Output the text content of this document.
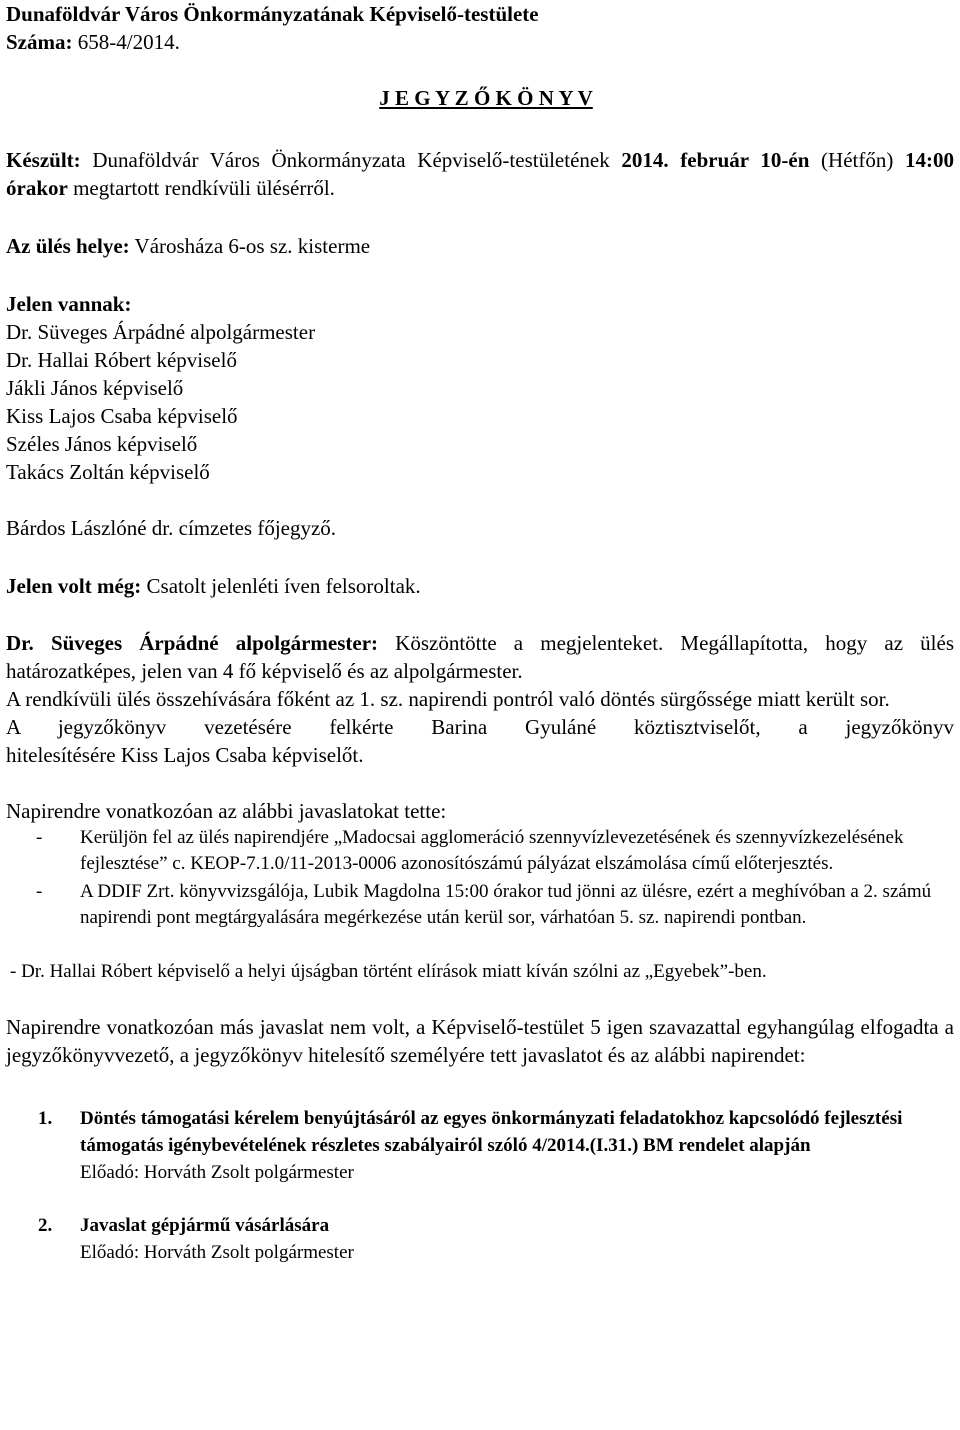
Dunaföldvár Város Önkormányzatának Képviselő-testülete

Száma: 658-4/2014.

J E G Y Z Ő K Ö N Y V

Készült: Dunaföldvár Város Önkormányzata Képviselő-testületének 2014. február 10-én (Hétfőn) 14:00 órakor megtartott rendkívüli ülésérről.

Az ülés helye: Városháza 6-os sz. kisterme

Jelen vannak:

Dr. Süveges Árpádné alpolgármester

Dr. Hallai Róbert képviselő

Jákli János képviselő

Kiss Lajos Csaba képviselő

Széles János képviselő

Takács Zoltán képviselő

Bárdos Lászlóné dr. címzetes főjegyző.

Jelen volt még: Csatolt jelenléti íven felsoroltak.

Dr. Süveges Árpádné alpolgármester: Köszöntötte a megjelenteket. Megállapította, hogy az ülés határozatképes, jelen van 4 fő képviselő és az alpolgármester.

A rendkívüli ülés összehívására főként az 1. sz. napirendi pontról való döntés sürgőssége miatt került sor.

A jegyzőkönyv vezetésére felkérte Barina Gyuláné köztisztviselőt, a jegyzőkönyv

hitelesítésére Kiss Lajos Csaba képviselőt.

Napirendre vonatkozóan az alábbi javaslatokat tette:

- Kerüljön fel az ülés napirendjére „Madocsai agglomeráció szennyvízlevezetésének és szennyvízkezelésének fejlesztése” c. KEOP-7.1.0/11-2013-0006 azonosítószámú pályázat elszámolása című előterjesztés.
- A DDIF Zrt. könyvvizsgálója, Lubik Magdolna 15:00 órakor tud jönni az ülésre, ezért a meghívóban a 2. számú napirendi pont megtárgyalására megérkezése után kerül sor, várhatóan 5. sz. napirendi pontban.

- Dr. Hallai Róbert képviselő a helyi újságban történt elírások miatt kíván szólni az „Egyebek”-ben.

Napirendre vonatkozóan más javaslat nem volt, a Képviselő-testület 5 igen szavazattal egyhangúlag elfogadta a jegyzőkönyvvezető, a jegyzőkönyv hitelesítő személyére tett javaslatot és az alábbi napirendet:

1. Döntés támogatási kérelem benyújtásáról az egyes önkormányzati feladatokhoz kapcsolódó fejlesztési támogatás igénybevételének részletes szabályairól szóló 4/2014.(I.31.) BM rendelet alapján
Előadó: Horváth Zsolt polgármester
2. Javaslat gépjármű vásárlására
Előadó: Horváth Zsolt polgármester
